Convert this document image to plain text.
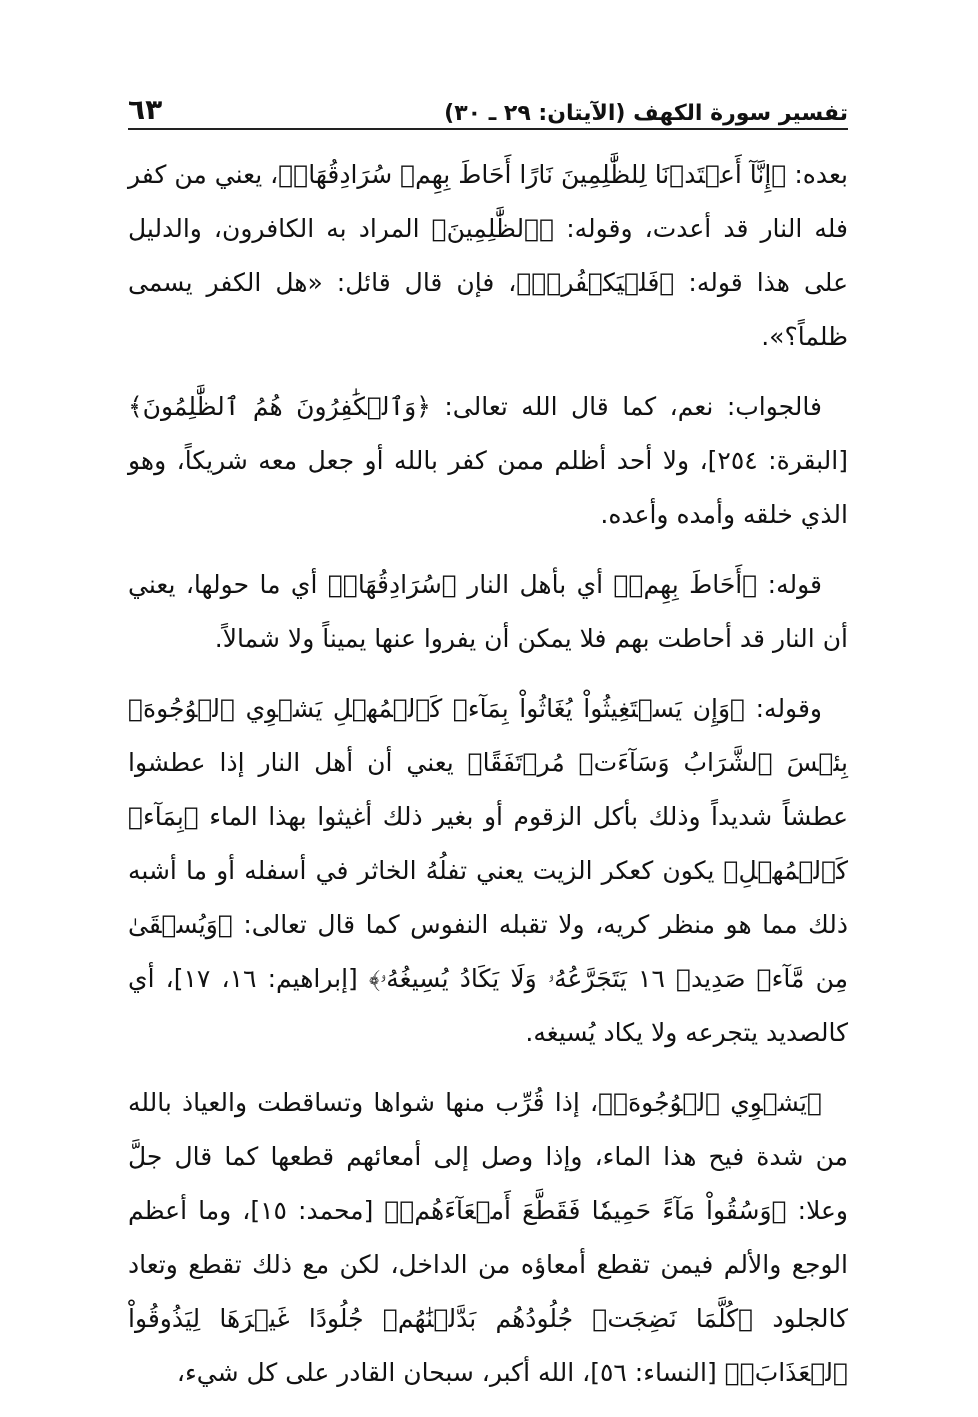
تفسير سورة الكهف (الآيتان: ٢٩ ـ ٣٠)
٦٣

بعده: ﴿إِنَّآ أَعۡتَدۡنَا لِلظَّٰلِمِينَ نَارًا أَحَاطَ بِهِمۡ سُرَادِقُهَاۚ﴾، يعني من كفر فله النار قد أعدت، وقوله: ﴿ٱلظَّٰلِمِينَ﴾ المراد به الكافرون، والدليل على هذا قوله: ﴿فَلۡيَكۡفُرۡۚ﴾، فإن قال قائل: «هل الكفر يسمى ظلماً؟».

فالجواب: نعم، كما قال الله تعالى: ﴿وَٱلۡكَٰفِرُونَ هُمُ ٱلظَّٰلِمُونَ﴾ [البقرة: ٢٥٤]، ولا أحد أظلم ممن كفر بالله أو جعل معه شريكاً، وهو الذي خلقه وأمده وأعده.

قوله: ﴿أَحَاطَ بِهِمۡ﴾ أي بأهل النار ﴿سُرَادِقُهَاۚ﴾ أي ما حولها، يعني أن النار قد أحاطت بهم فلا يمكن أن يفروا عنها يميناً ولا شمالاً.

وقوله: ﴿وَإِن يَسۡتَغِيثُواْ يُغَاثُواْ بِمَآءٖ كَٱلۡمُهۡلِ يَشۡوِي ٱلۡوُجُوهَۚ بِئۡسَ ٱلشَّرَابُ وَسَآءَتۡ مُرۡتَفَقًا﴾ يعني أن أهل النار إذا عطشوا عطشاً شديداً وذلك بأكل الزقوم أو بغير ذلك أغيثوا بهذا الماء ﴿بِمَآءٖ كَٱلۡمُهۡلِ﴾ يكون كعكر الزيت يعني تفلُهُ الخاثر في أسفله أو ما أشبه ذلك مما هو منظر كريه، ولا تقبله النفوس كما قال تعالى: ﴿وَيُسۡقَىٰ مِن مَّآءٖ صَدِيدٖ ١٦ يَتَجَرَّعُهُۥ وَلَا يَكَادُ يُسِيغُهُۥ﴾ [إبراهيم: ١٦، ١٧]، أي كالصديد يتجرعه ولا يكاد يُسيغه.

﴿يَشۡوِي ٱلۡوُجُوهَۚ﴾، إذا قُرِّب منها شواها وتساقطت والعياذ بالله من شدة فيح هذا الماء، وإذا وصل إلى أمعائهم قطعها كما قال جلَّ وعلا: ﴿وَسُقُواْ مَآءً حَمِيمٗا فَقَطَّعَ أَمۡعَآءَهُمۡ﴾ [محمد: ١٥]، وما أعظم الوجع والألم فيمن تقطع أمعاؤه من الداخل، لكن مع ذلك تقطع وتعاد كالجلود ﴿كُلَّمَا نَضِجَتۡ جُلُودُهُم بَدَّلۡنَٰهُمۡ جُلُودًا غَيۡرَهَا لِيَذُوقُواْ ٱلۡعَذَابَۗ﴾ [النساء: ٥٦]، الله أكبر، سبحان القادر على كل شيء،
